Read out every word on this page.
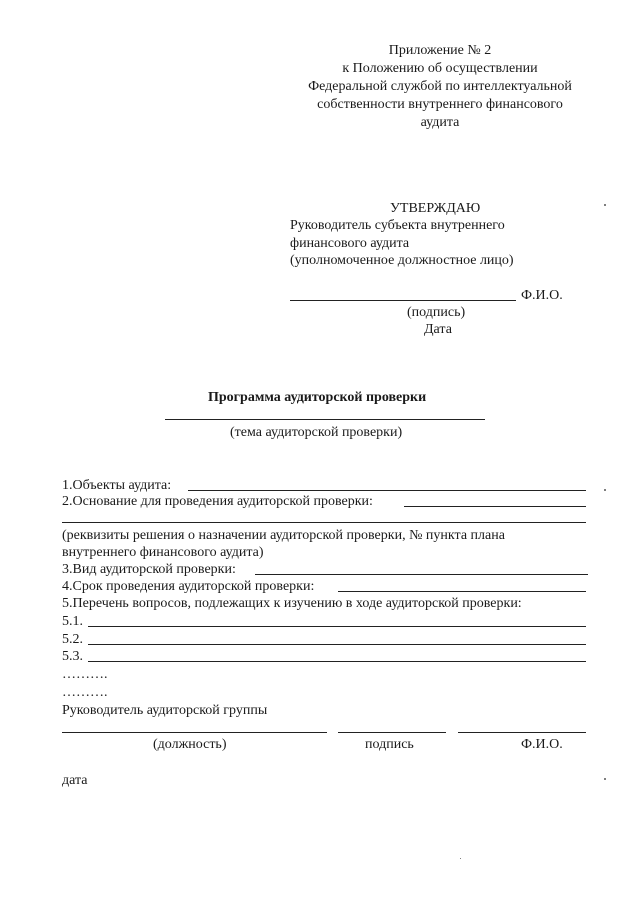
Приложение № 2
к Положению об осуществлении
Федеральной службой по интеллектуальной
собственности внутреннего финансового
аудита
УТВЕРЖДАЮ
Руководитель субъекта внутреннего
финансового аудита
(уполномоченное должностное лицо)
Ф.И.О.
(подпись)
Дата
Программа аудиторской проверки
(тема аудиторской проверки)
1.Объекты аудита:
2.Основание для проведения аудиторской проверки:
(реквизиты решения о назначении аудиторской проверки, № пункта плана
внутреннего финансового аудита)
3.Вид аудиторской проверки:
4.Срок проведения аудиторской проверки:
5.Перечень вопросов, подлежащих к изучению в ходе аудиторской проверки:
5.1.
5.2.
5.3.
……….
……….
Руководитель аудиторской группы
(должность)	подпись	Ф.И.О.
дата
